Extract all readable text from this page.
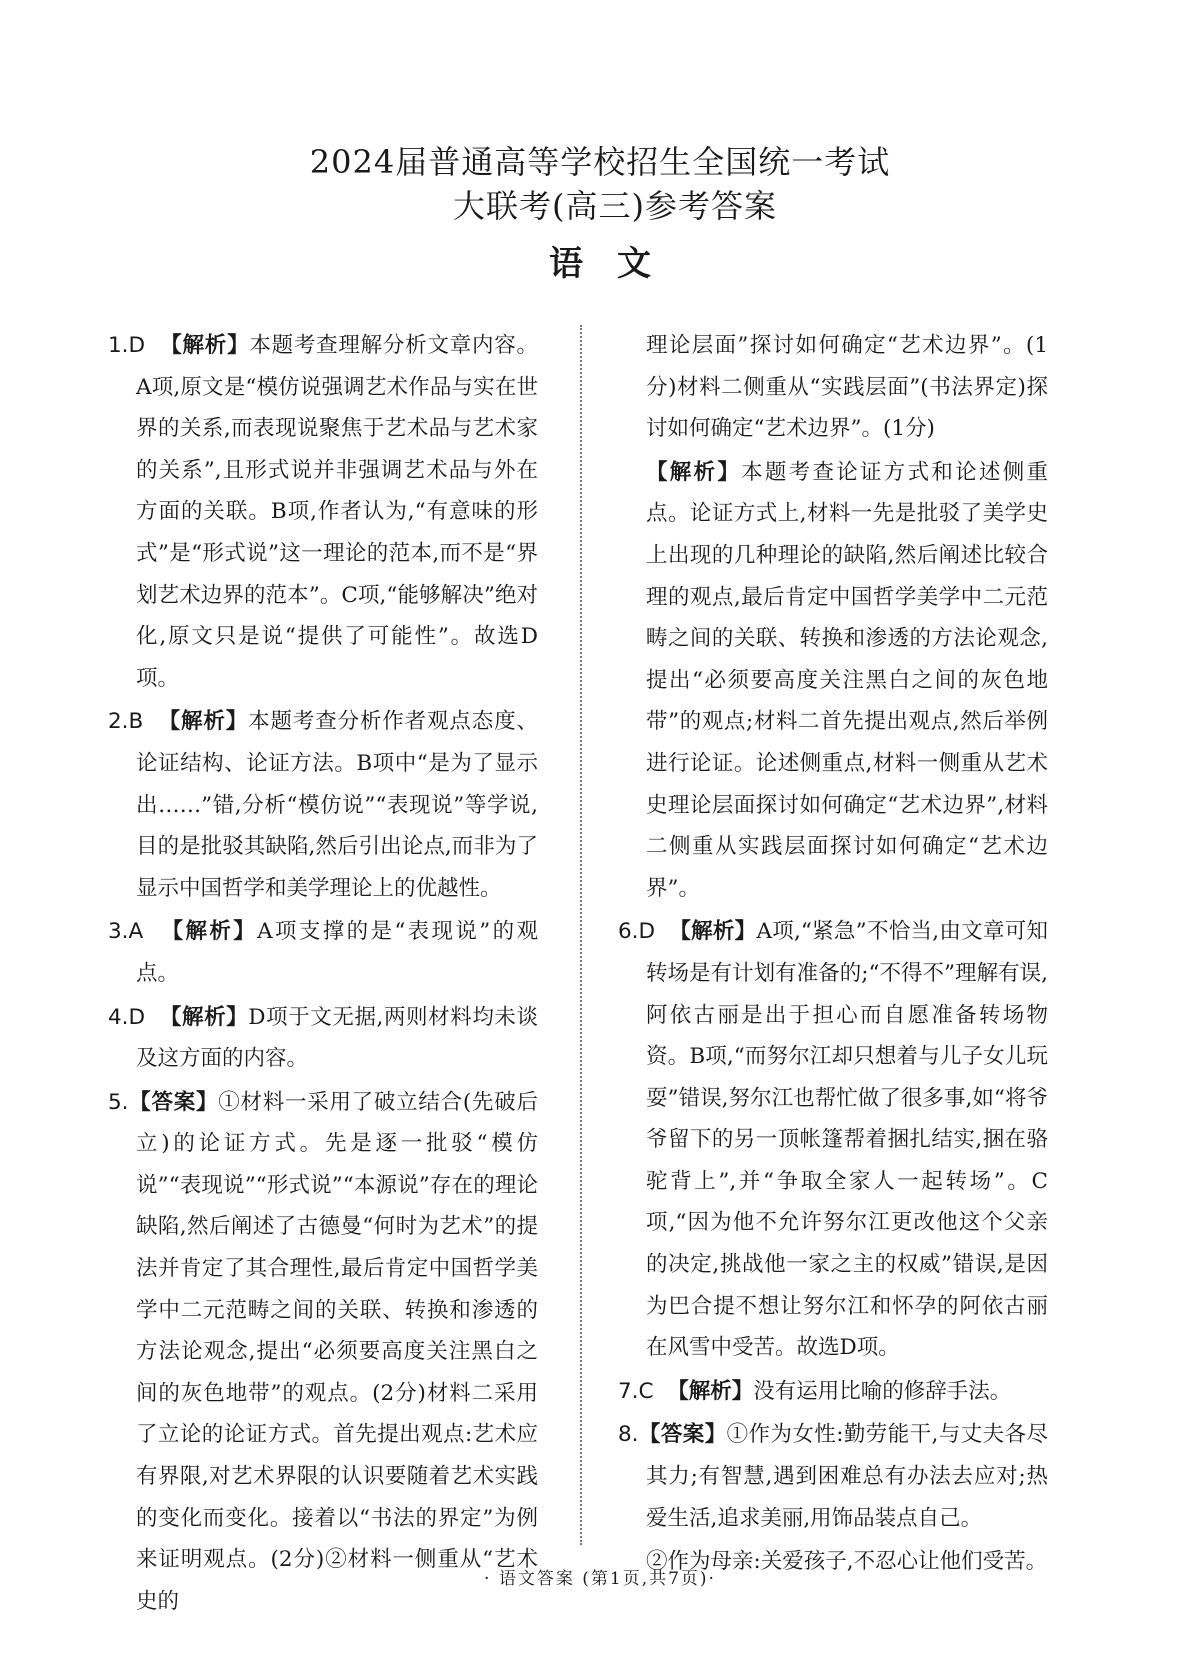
2024届普通高等学校招生全国统一考试
大联考(高三)参考答案
语文
1.D 【解析】本题考查理解分析文章内容。A项,原文是“模仿说强调艺术作品与实在世界的关系,而表现说聚焦于艺术品与艺术家的关系”,且形式说并非强调艺术品与外在方面的关联。B项,作者认为,“有意味的形式”是“形式说”这一理论的范本,而不是“界划艺术边界的范本”。C项,“能够解决”绝对化,原文只是说“提供了可能性”。故选D项。
2.B 【解析】本题考查分析作者观点态度、论证结构、论证方法。B项中“是为了显示出……”错,分析“模仿说”“表现说”等学说,目的是批驳其缺陷,然后引出论点,而非为了显示中国哲学和美学理论上的优越性。
3.A 【解析】A项支撑的是“表现说”的观点。
4.D 【解析】D项于文无据,两则材料均未谈及这方面的内容。
5.【答案】①材料一采用了破立结合(先破后立)的论证方式。先是逐一批驳“模仿说”“表现说”“形式说”“本源说”存在的理论缺陷,然后阐述了古德曼“何时为艺术”的提法并肯定了其合理性,最后肯定中国哲学美学中二元范畴之间的关联、转换和渗透的方法论观念,提出“必须要高度关注黑白之间的灰色地带”的观点。(2分)材料二采用了立论的论证方式。首先提出观点:艺术应有界限,对艺术界限的认识要随着艺术实践的变化而变化。接着以“书法的界定”为例来证明观点。(2分)②材料一侧重从“艺术史的
理论层面”探讨如何确定“艺术边界”。(1分)材料二侧重从“实践层面”(书法界定)探讨如何确定“艺术边界”。(1分)
【解析】本题考查论证方式和论述侧重点。论证方式上,材料一先是批驳了美学史上出现的几种理论的缺陷,然后阐述比较合理的观点,最后肯定中国哲学美学中二元范畴之间的关联、转换和渗透的方法论观念,提出“必须要高度关注黑白之间的灰色地带”的观点;材料二首先提出观点,然后举例进行论证。论述侧重点,材料一侧重从艺术史理论层面探讨如何确定“艺术边界”,材料二侧重从实践层面探讨如何确定“艺术边界”。
6.D 【解析】A项,“紧急”不恰当,由文章可知转场是有计划有准备的;“不得不”理解有误,阿依古丽是出于担心而自愿准备转场物资。B项,“而努尔江却只想着与儿子女儿玩耍”错误,努尔江也帮忙做了很多事,如“将爷爷留下的另一顶帐篷帮着捆扎结实,捆在骆驼背上”,并“争取全家人一起转场”。C项,“因为他不允许努尔江更改他这个父亲的决定,挑战他一家之主的权威”错误,是因为巴合提不想让努尔江和怀孕的阿依古丽在风雪中受苦。故选D项。
7.C 【解析】没有运用比喻的修辞手法。
8.【答案】①作为女性:勤劳能干,与丈夫各尽其力;有智慧,遇到困难总有办法去应对;热爱生活,追求美丽,用饰品装点自己。
②作为母亲:关爱孩子,不忍心让他们受苦。
· 语文答案 (第1页,共7页)·
